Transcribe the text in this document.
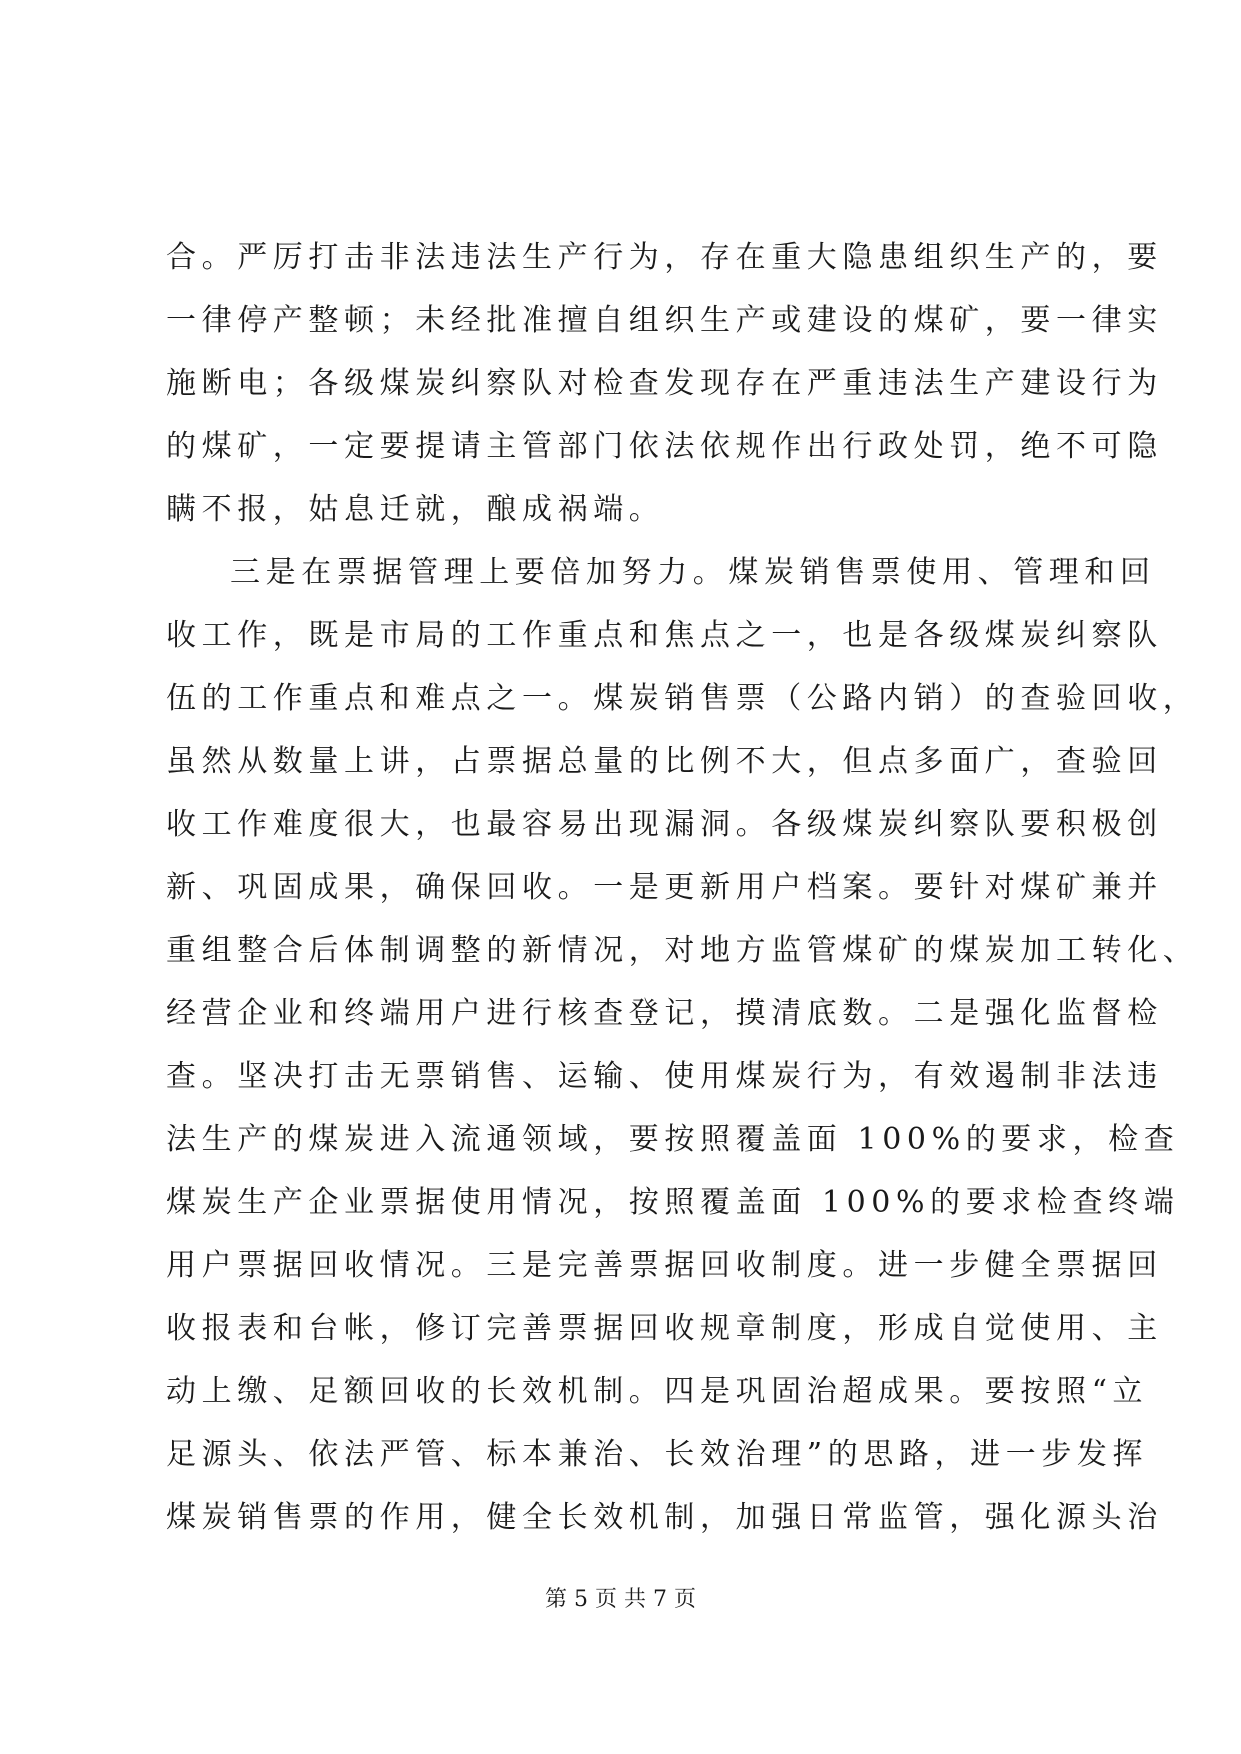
合。严厉打击非法违法生产行为，存在重大隐患组织生产的，要
一律停产整顿；未经批准擅自组织生产或建设的煤矿，要一律实
施断电；各级煤炭纠察队对检查发现存在严重违法生产建设行为
的煤矿，一定要提请主管部门依法依规作出行政处罚，绝不可隐
瞒不报，姑息迁就，酿成祸端。
三是在票据管理上要倍加努力。煤炭销售票使用、管理和回
收工作，既是市局的工作重点和焦点之一，也是各级煤炭纠察队
伍的工作重点和难点之一。煤炭销售票（公路内销）的查验回收，
虽然从数量上讲，占票据总量的比例不大，但点多面广，查验回
收工作难度很大，也最容易出现漏洞。各级煤炭纠察队要积极创
新、巩固成果，确保回收。一是更新用户档案。要针对煤矿兼并
重组整合后体制调整的新情况，对地方监管煤矿的煤炭加工转化、
经营企业和终端用户进行核查登记，摸清底数。二是强化监督检
查。坚决打击无票销售、运输、使用煤炭行为，有效遏制非法违
法生产的煤炭进入流通领域，要按照覆盖面 100%的要求，检查
煤炭生产企业票据使用情况，按照覆盖面 100%的要求检查终端
用户票据回收情况。三是完善票据回收制度。进一步健全票据回
收报表和台帐，修订完善票据回收规章制度，形成自觉使用、主
动上缴、足额回收的长效机制。四是巩固治超成果。要按照“立
足源头、依法严管、标本兼治、长效治理”的思路，进一步发挥
煤炭销售票的作用，健全长效机制，加强日常监管，强化源头治
第 5 页 共 7 页
